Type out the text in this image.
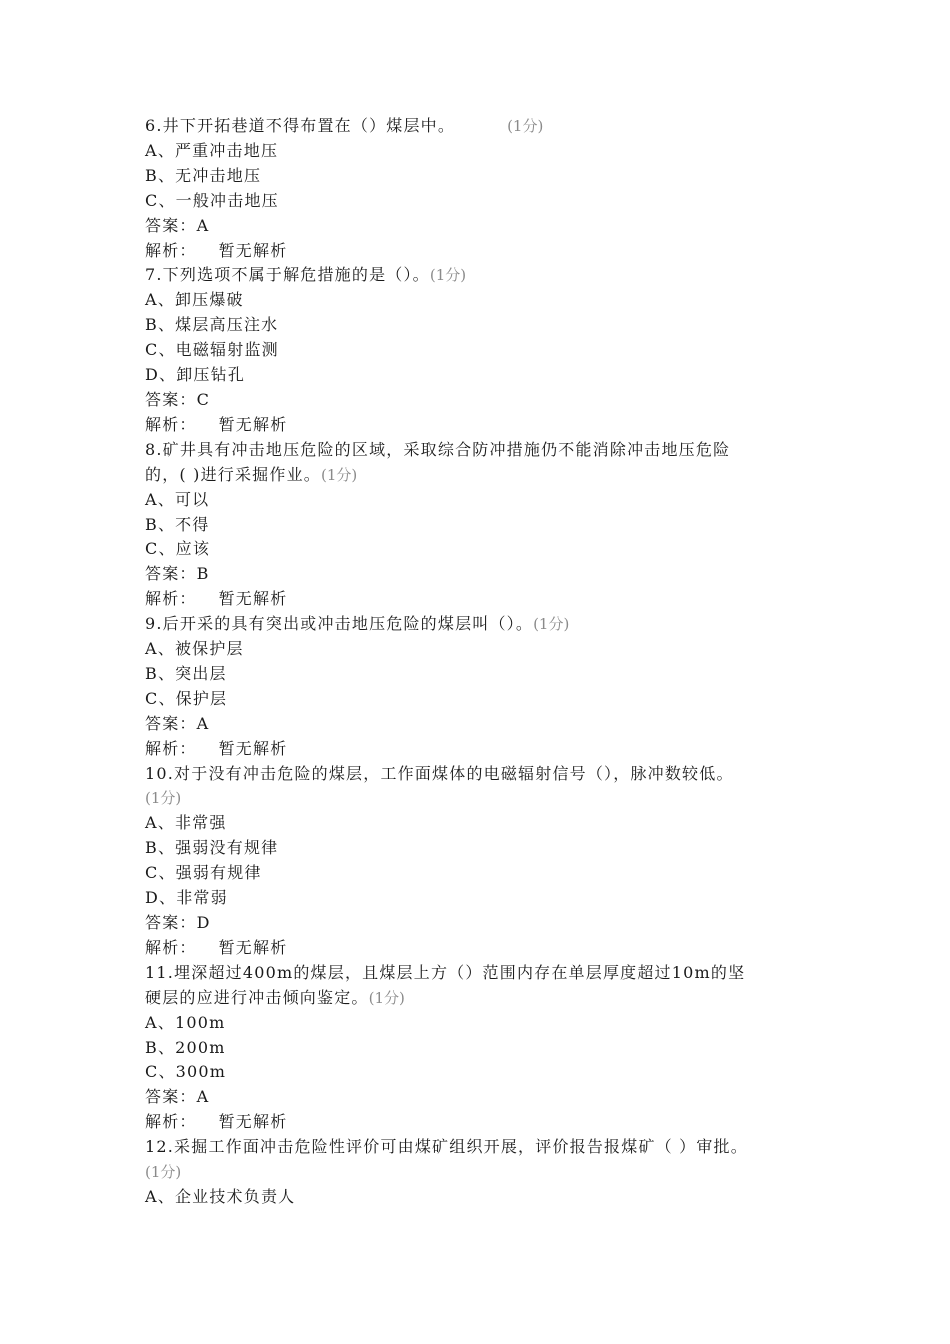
6.井下开拓巷道不得布置在（）煤层中。	(1分)
A、严重冲击地压
B、无冲击地压
C、一般冲击地压
答案：A
解析： 暂无解析
7.下列选项不属于解危措施的是（）。(1分)
A、卸压爆破
B、煤层高压注水
C、电磁辐射监测
D、卸压钻孔
答案：C
解析： 暂无解析
8.矿井具有冲击地压危险的区域，采取综合防冲措施仍不能消除冲击地压危险
的，( )进行采掘作业。(1分)
A、可以
B、不得
C、应该
答案：B
解析： 暂无解析
9.后开采的具有突出或冲击地压危险的煤层叫（）。(1分)
A、被保护层
B、突出层
C、保护层
答案：A
解析： 暂无解析
10.对于没有冲击危险的煤层，工作面煤体的电磁辐射信号（），脉冲数较低。
(1分)
A、非常强
B、强弱没有规律
C、强弱有规律
D、非常弱
答案：D
解析： 暂无解析
11.埋深超过400m的煤层，且煤层上方（）范围内存在单层厚度超过10m的坚
硬层的应进行冲击倾向鉴定。(1分)
A、100m
B、200m
C、300m
答案：A
解析： 暂无解析
12.采掘工作面冲击危险性评价可由煤矿组织开展，评价报告报煤矿（ ）审批。
(1分)
A、企业技术负责人
